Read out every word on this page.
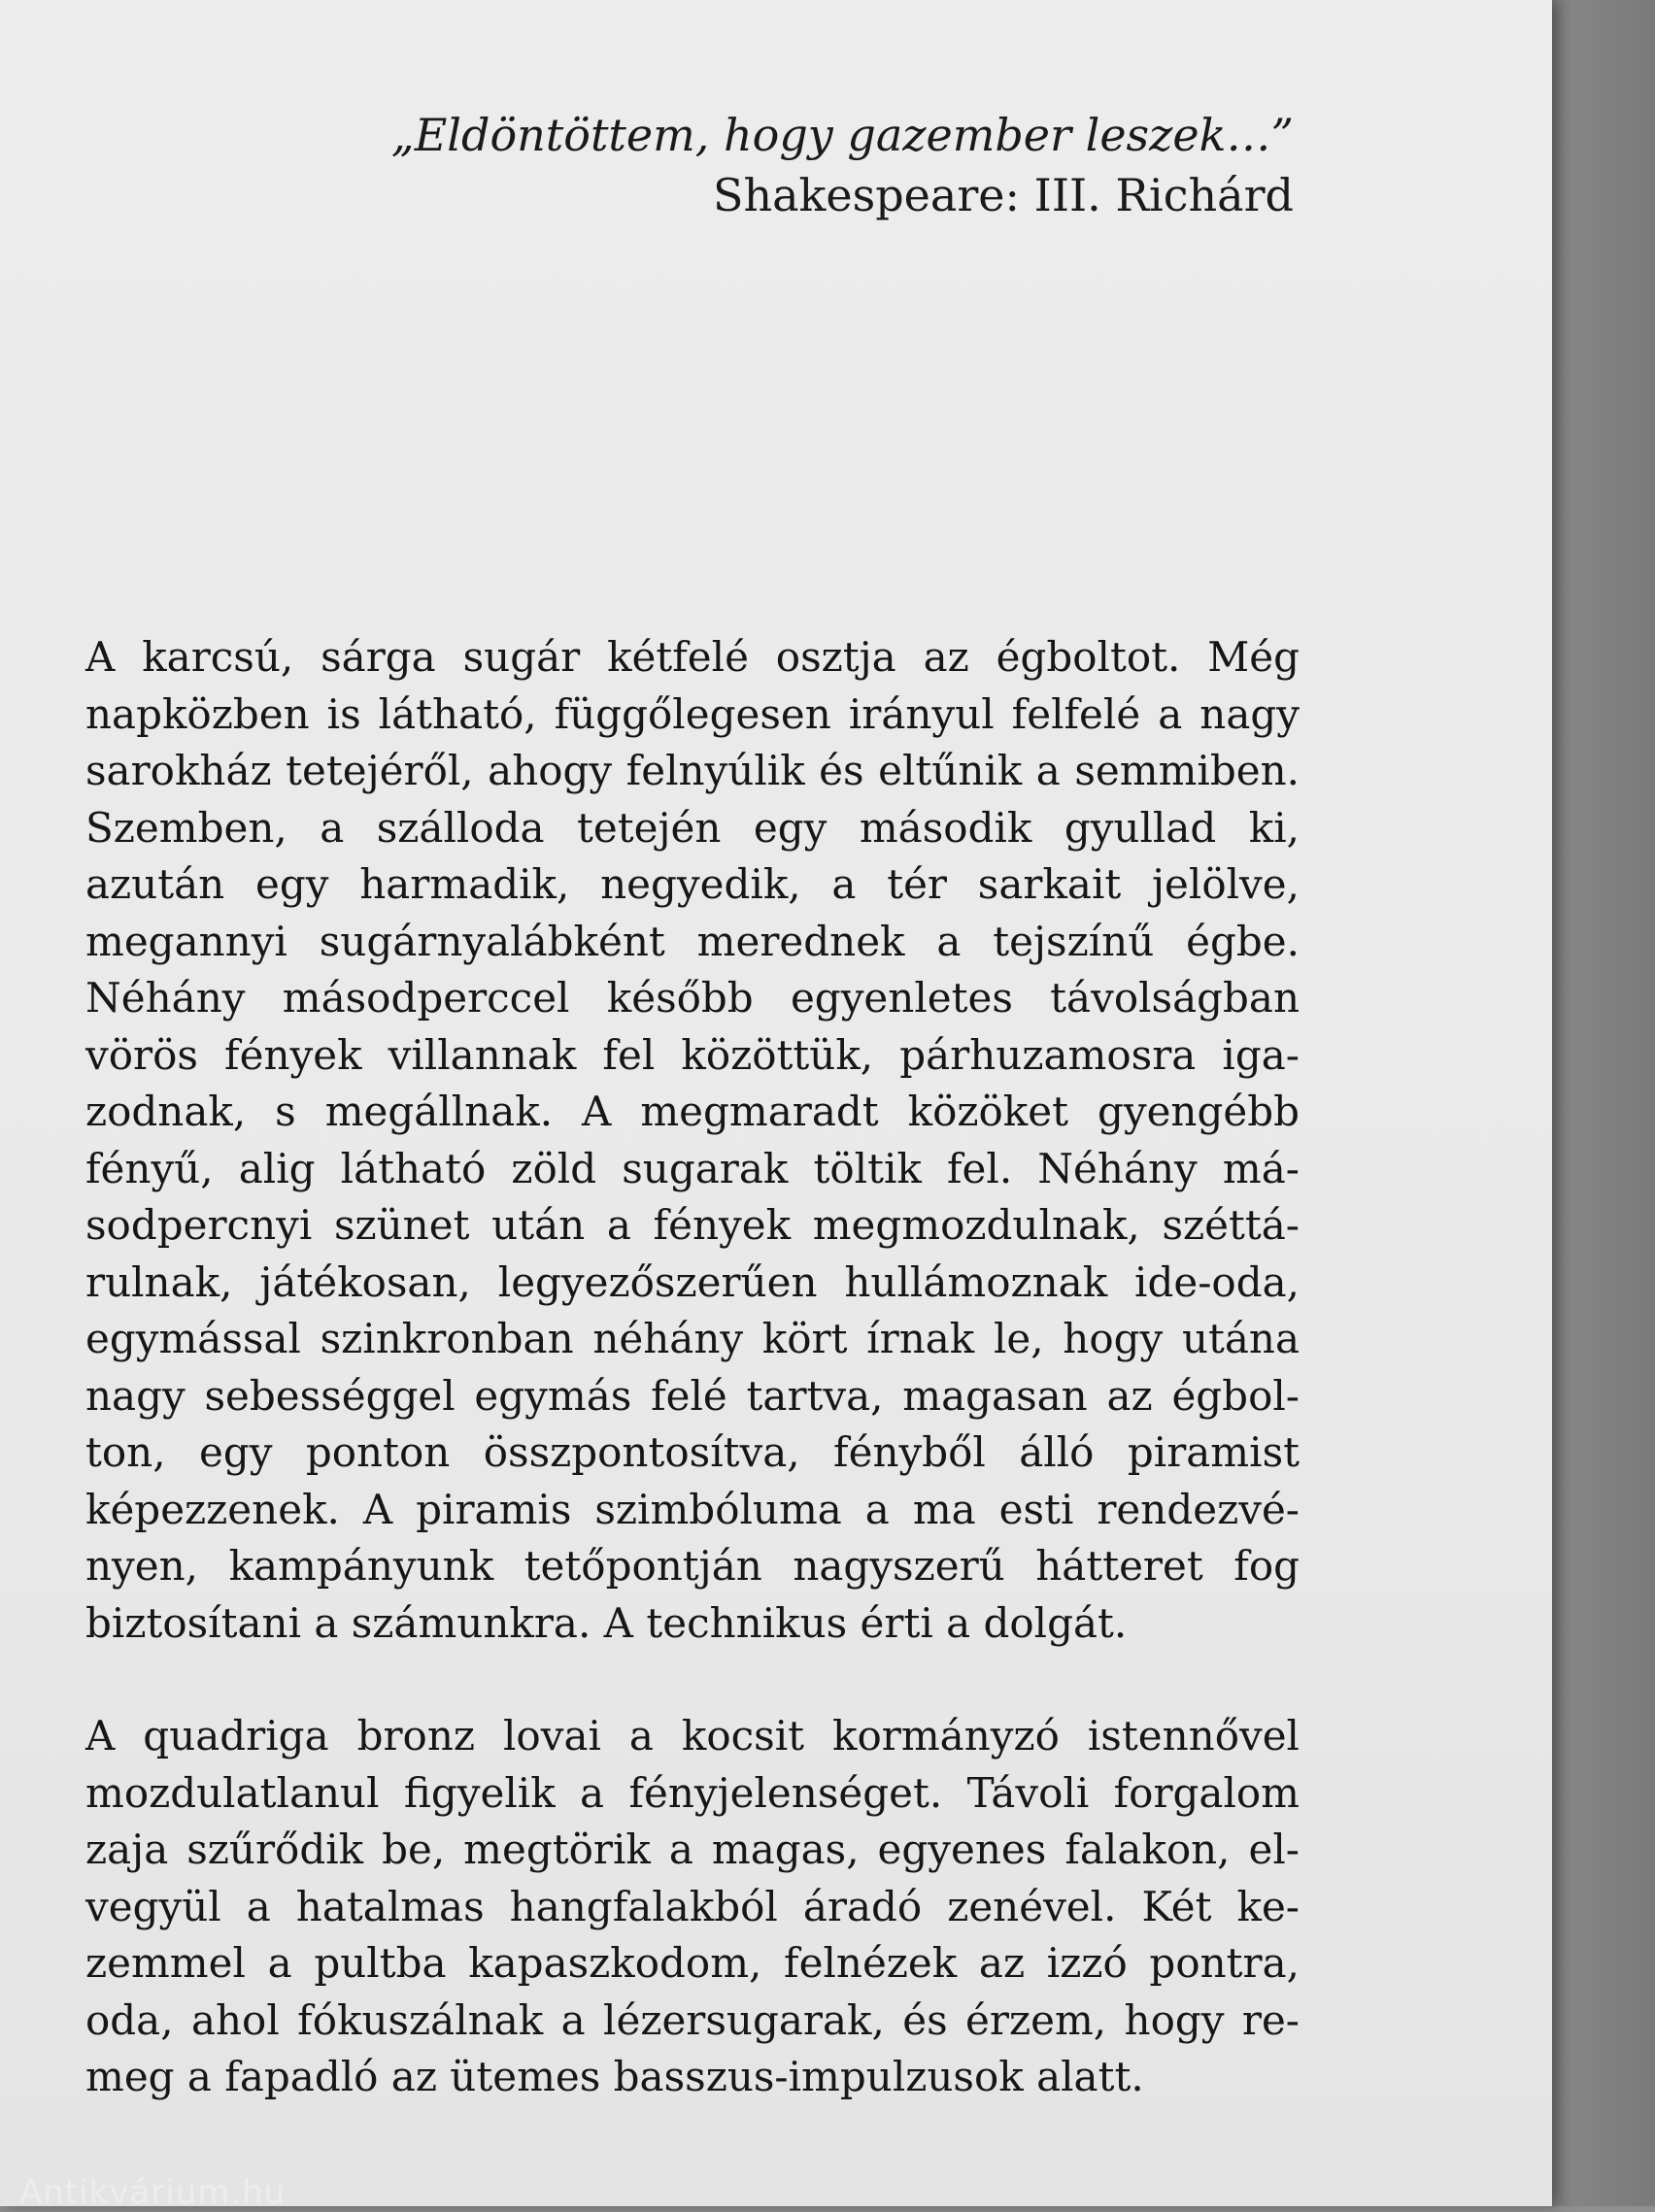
„Eldöntöttem, hogy gazember leszek…”
Shakespeare: III. Richárd

A karcsú, sárga sugár kétfelé osztja az égboltot. Még napközben is látható, függőlegesen irányul felfelé a nagy sarokház tetejéről, ahogy felnyúlik és eltűnik a semmiben. Szemben, a szálloda tetején egy második gyullad ki, azután egy harmadik, negyedik, a tér sarkait jelölve, megannyi sugárnyalábként merednek a tejszínű égbe. Néhány másodperccel később egyenletes távolságban vörös fények villannak fel közöttük, párhuzamosra igazodnak, s megállnak. A megmaradt közöket gyengébb fényű, alig látható zöld sugarak töltik fel. Néhány másodpercnyi szünet után a fények megmozdulnak, széttárulnak, játékosan, legyezőszerűen hullámoznak ide-oda, egymással szinkronban néhány kört írnak le, hogy utána nagy sebességgel egymás felé tartva, magasan az égbolton, egy ponton összpontosítva, fényből álló piramist képezzenek. A piramis szimbóluma a ma esti rendezvényen, kampányunk tetőpontján nagyszerű hátteret fog biztosítani a számunkra. A technikus érti a dolgát.

A quadriga bronz lovai a kocsit kormányzó istennővel mozdulatlanul figyelik a fényjelenséget. Távoli forgalom zaja szűrődik be, megtörik a magas, egyenes falakon, elvegyül a hatalmas hangfalakból áradó zenével. Két kezemmel a pultba kapaszkodom, felnézek az izzó pontra, oda, ahol fókuszálnak a lézersugarak, és érzem, hogy remeg a fapadló az ütemes basszus-impulzusok alatt.

Antikvárium.hu
